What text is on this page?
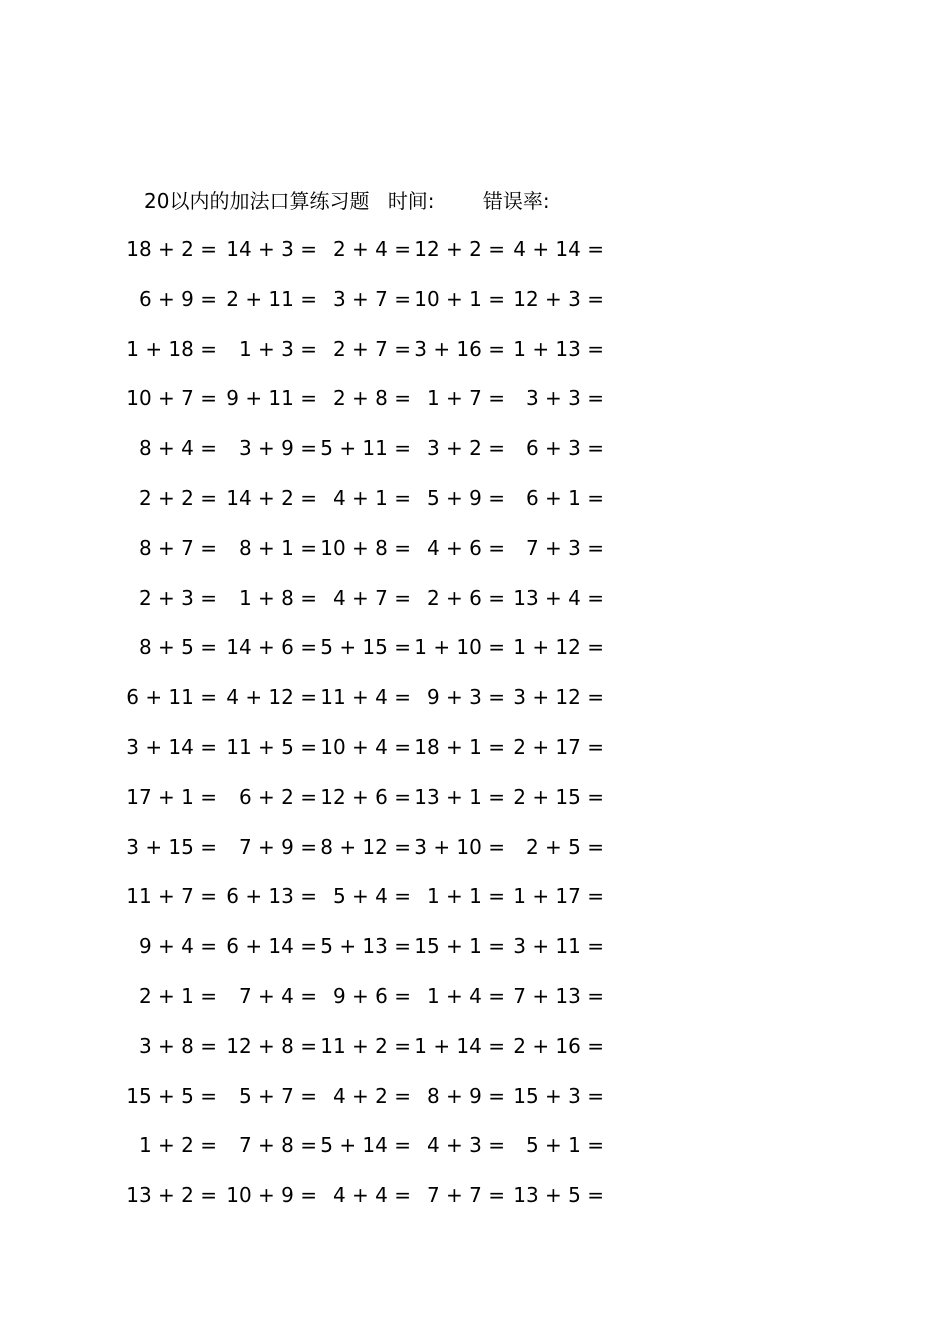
20以内的加法口算练习题 时间: 错误率:
18 + 2 = 14 + 3 = 2 + 4 = 12 + 2 = 4 + 14 =
6 + 9 = 2 + 11 = 3 + 7 = 10 + 1 = 12 + 3 =
1 + 18 = 1 + 3 = 2 + 7 = 3 + 16 = 1 + 13 =
10 + 7 = 9 + 11 = 2 + 8 = 1 + 7 = 3 + 3 =
8 + 4 = 3 + 9 = 5 + 11 = 3 + 2 = 6 + 3 =
2 + 2 = 14 + 2 = 4 + 1 = 5 + 9 = 6 + 1 =
8 + 7 = 8 + 1 = 10 + 8 = 4 + 6 = 7 + 3 =
2 + 3 = 1 + 8 = 4 + 7 = 2 + 6 = 13 + 4 =
8 + 5 = 14 + 6 = 5 + 15 = 1 + 10 = 1 + 12 =
6 + 11 = 4 + 12 = 11 + 4 = 9 + 3 = 3 + 12 =
3 + 14 = 11 + 5 = 10 + 4 = 18 + 1 = 2 + 17 =
17 + 1 = 6 + 2 = 12 + 6 = 13 + 1 = 2 + 15 =
3 + 15 = 7 + 9 = 8 + 12 = 3 + 10 = 2 + 5 =
11 + 7 = 6 + 13 = 5 + 4 = 1 + 1 = 1 + 17 =
9 + 4 = 6 + 14 = 5 + 13 = 15 + 1 = 3 + 11 =
2 + 1 = 7 + 4 = 9 + 6 = 1 + 4 = 7 + 13 =
3 + 8 = 12 + 8 = 11 + 2 = 1 + 14 = 2 + 16 =
15 + 5 = 5 + 7 = 4 + 2 = 8 + 9 = 15 + 3 =
1 + 2 = 7 + 8 = 5 + 14 = 4 + 3 = 5 + 1 =
13 + 2 = 10 + 9 = 4 + 4 = 7 + 7 = 13 + 5 =
